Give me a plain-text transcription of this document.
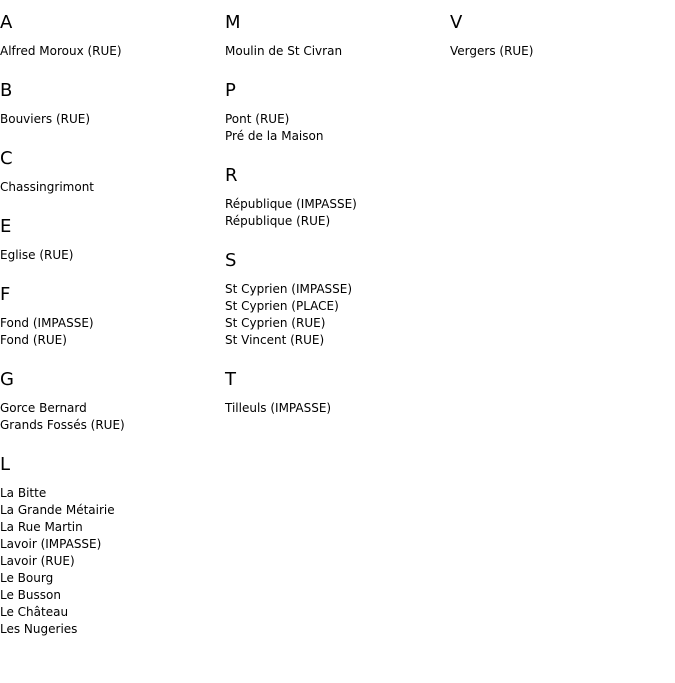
A
Alfred Moroux (RUE)
B
Bouviers (RUE)
C
Chassingrimont
E
Eglise (RUE)
F
Fond (IMPASSE)
Fond (RUE)
G
Gorce Bernard
Grands Fossés (RUE)
L
La Bitte
La Grande Métairie
La Rue Martin
Lavoir (IMPASSE)
Lavoir (RUE)
Le Bourg
Le Busson
Le Château
Les Nugeries
M
Moulin de St Civran
P
Pont (RUE)
Pré de la Maison
R
République (IMPASSE)
République (RUE)
S
St Cyprien (IMPASSE)
St Cyprien (PLACE)
St Cyprien (RUE)
St Vincent (RUE)
T
Tilleuls (IMPASSE)
V
Vergers (RUE)
